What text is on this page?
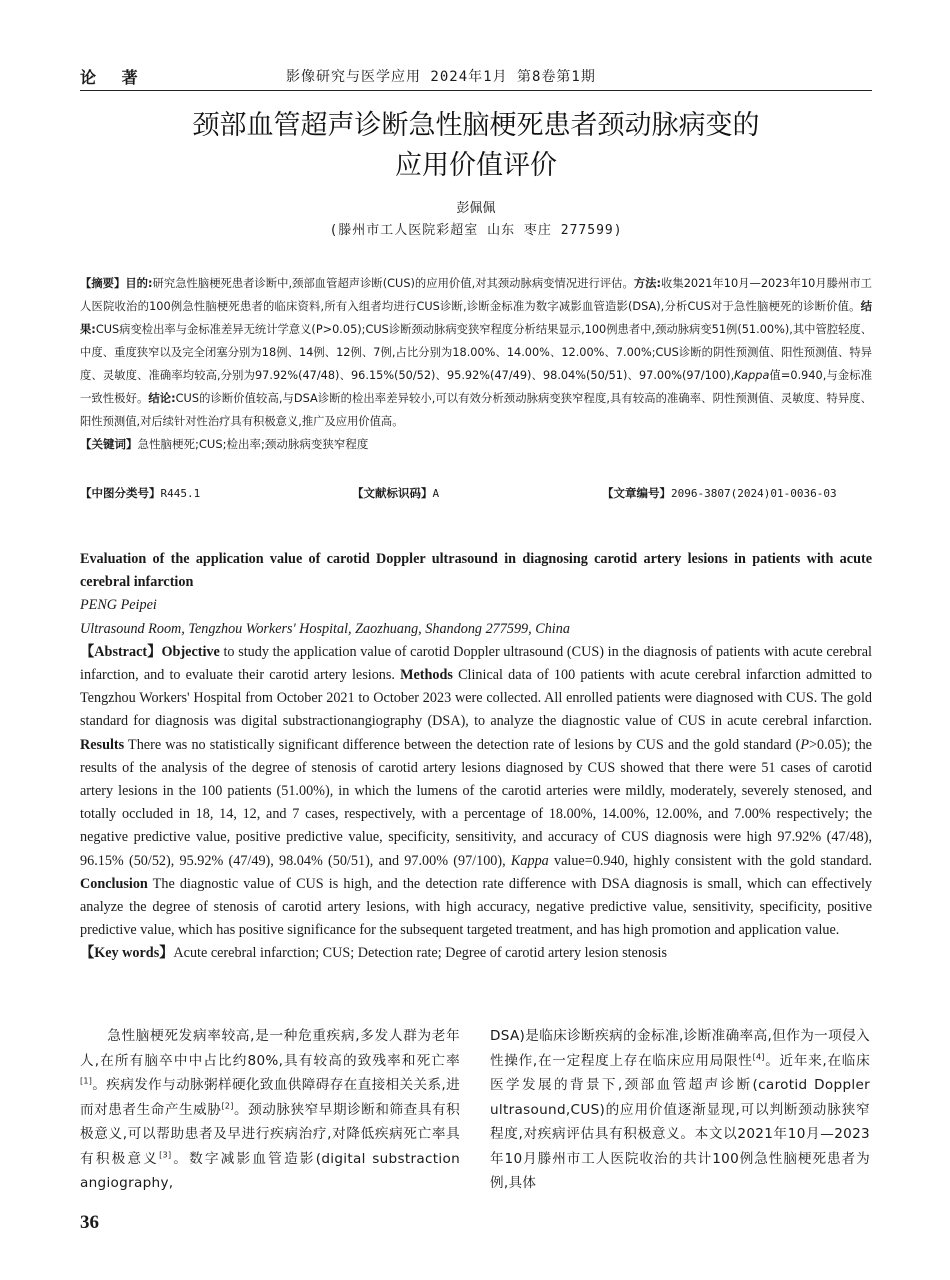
论 著	影像研究与医学应用 2024年1月 第8卷第1期
颈部血管超声诊断急性脑梗死患者颈动脉病变的
应用价值评价
彭佩佩
(滕州市工人医院彩超室 山东 枣庄 277599)
【摘要】目的:研究急性脑梗死患者诊断中,颈部血管超声诊断(CUS)的应用价值,对其颈动脉病变情况进行评估。方法:收集2021年10月—2023年10月滕州市工人医院收治的100例急性脑梗死患者的临床资料,所有入组者均进行CUS诊断,诊断金标准为数字减影血管造影(DSA),分析CUS对于急性脑梗死的诊断价值。结果:CUS病变检出率与金标准差异无统计学意义(P>0.05);CUS诊断颈动脉病变狭窄程度分析结果显示,100例患者中,颈动脉病变51例(51.00%),其中管腔轻度、中度、重度狭窄以及完全闭塞分别为18例、14例、12例、7例,占比分别为18.00%、14.00%、12.00%、7.00%;CUS诊断的阴性预测值、阳性预测值、特异度、灵敏度、准确率均较高,分别为97.92%(47/48)、96.15%(50/52)、95.92%(47/49)、98.04%(50/51)、97.00%(97/100),Kappa值=0.940,与金标准一致性极好。结论:CUS的诊断价值较高,与DSA诊断的检出率差异较小,可以有效分析颈动脉病变狭窄程度,具有较高的准确率、阴性预测值、灵敏度、特异度、阳性预测值,对后续针对性治疗具有积极意义,推广及应用价值高。
【关键词】急性脑梗死;CUS;检出率;颈动脉病变狭窄程度
【中图分类号】R445.1	【文献标识码】A	【文章编号】2096-3807(2024)01-0036-03
Evaluation of the application value of carotid Doppler ultrasound in diagnosing carotid artery lesions in patients with acute cerebral infarction
PENG Peipei
Ultrasound Room, Tengzhou Workers' Hospital, Zaozhuang, Shandong 277599, China
【Abstract】Objective to study the application value of carotid Doppler ultrasound (CUS) in the diagnosis of patients with acute cerebral infarction, and to evaluate their carotid artery lesions. Methods Clinical data of 100 patients with acute cerebral infarction admitted to Tengzhou Workers' Hospital from October 2021 to October 2023 were collected. All enrolled patients were diagnosed with CUS. The gold standard for diagnosis was digital substractionangiography (DSA), to analyze the diagnostic value of CUS in acute cerebral infarction. Results There was no statistically significant difference between the detection rate of lesions by CUS and the gold standard (P>0.05); the results of the analysis of the degree of stenosis of carotid artery lesions diagnosed by CUS showed that there were 51 cases of carotid artery lesions in the 100 patients (51.00%), in which the lumens of the carotid arteries were mildly, moderately, severely stenosed, and totally occluded in 18, 14, 12, and 7 cases, respectively, with a percentage of 18.00%, 14.00%, 12.00%, and 7.00% respectively; the negative predictive value, positive predictive value, specificity, sensitivity, and accuracy of CUS diagnosis were high 97.92% (47/48), 96.15% (50/52), 95.92% (47/49), 98.04% (50/51), and 97.00% (97/100), Kappa value=0.940, highly consistent with the gold standard. Conclusion The diagnostic value of CUS is high, and the detection rate difference with DSA diagnosis is small, which can effectively analyze the degree of stenosis of carotid artery lesions, with high accuracy, negative predictive value, sensitivity, specificity, positive predictive value, which has positive significance for the subsequent targeted treatment, and has high promotion and application value.
【Key words】Acute cerebral infarction; CUS; Detection rate; Degree of carotid artery lesion stenosis
急性脑梗死发病率较高,是一种危重疾病,多发人群为老年人,在所有脑卒中中占比约80%,具有较高的致残率和死亡率[1]。疾病发作与动脉粥样硬化致血供障碍存在直接相关关系,进而对患者生命产生威胁[2]。颈动脉狭窄早期诊断和筛查具有积极意义,可以帮助患者及早进行疾病治疗,对降低疾病死亡率具有积极意义[3]。数字减影血管造影(digital substraction angiography,
DSA)是临床诊断疾病的金标准,诊断准确率高,但作为一项侵入性操作,在一定程度上存在临床应用局限性[4]。近年来,在临床医学发展的背景下,颈部血管超声诊断(carotid Doppler ultrasound,CUS)的应用价值逐渐显现,可以判断颈动脉狭窄程度,对疾病评估具有积极意义。本文以2021年10月—2023年10月滕州市工人医院收治的共计100例急性脑梗死患者为例,具体
36
